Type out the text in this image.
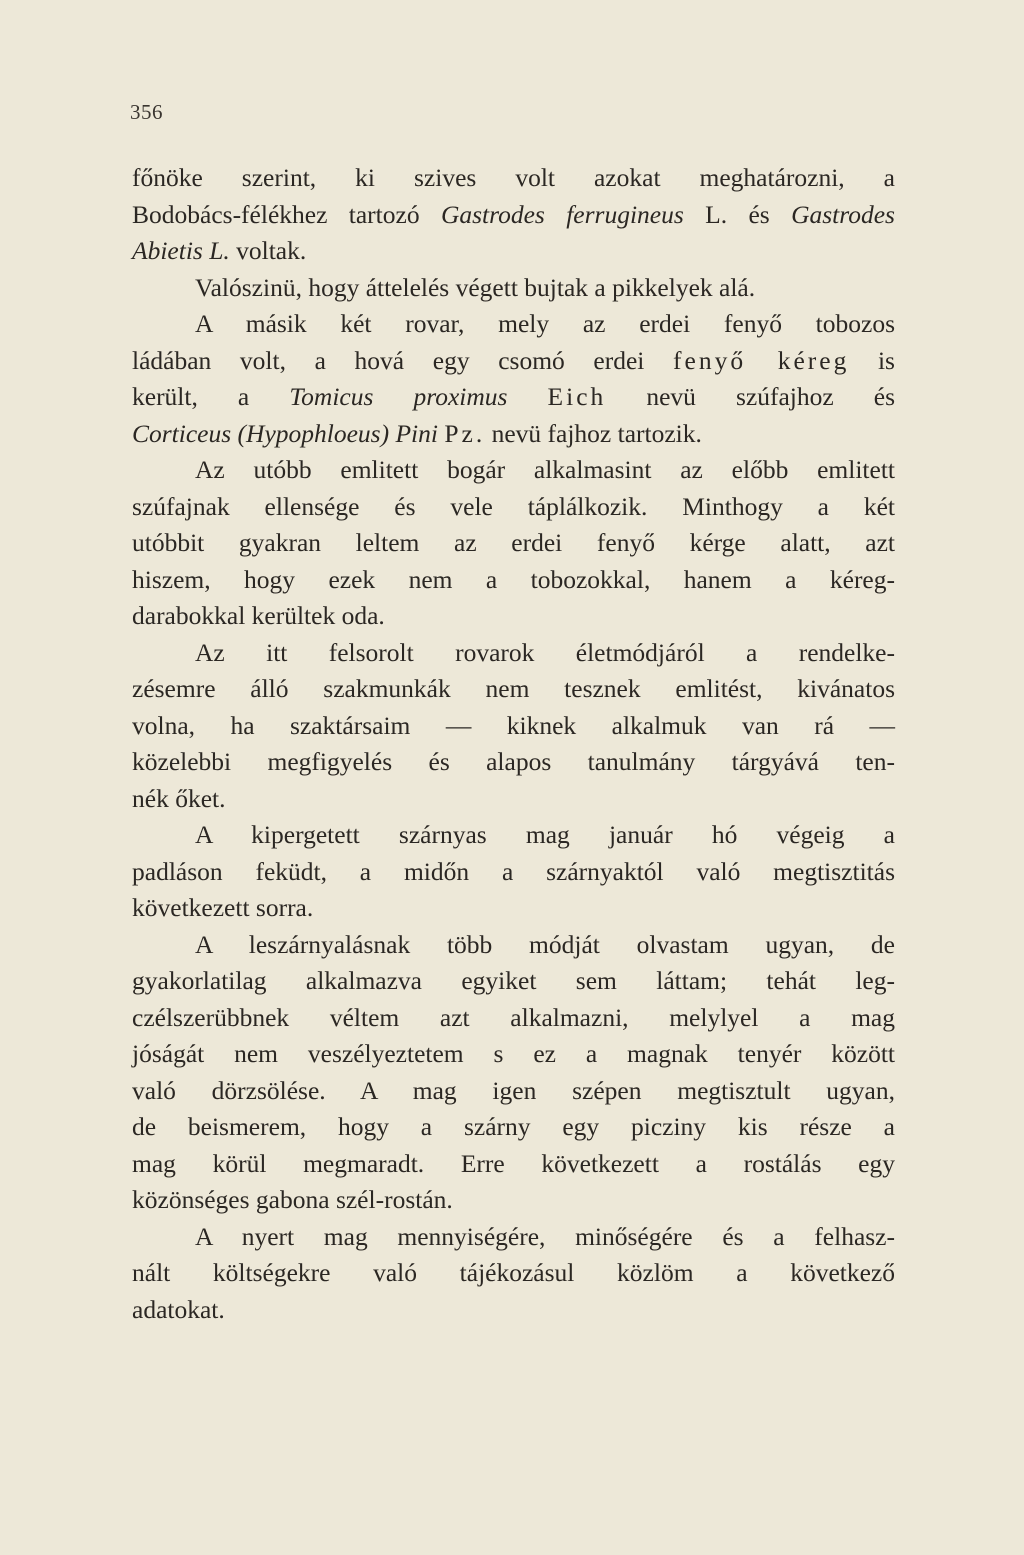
356
főnöke szerint, ki szives volt azokat meghatározni, a
Bodobács-félékhez tartozó Gastrodes ferrugineus L. és Gastrodes
Abietis L. voltak.
Valószinü, hogy áttelelés végett bujtak a pikkelyek alá.
A másik két rovar, mely az erdei fenyő tobozos
ládában volt, a hová egy csomó erdei fenyő kéreg is
került, a Tomicus proximus Eich nevü szúfajhoz és
Corticeus (Hypophloeus) Pini Pz. nevü fajhoz tartozik.
Az utóbb emlitett bogár alkalmasint az előbb emlitett
szúfajnak ellensége és vele táplálkozik. Minthogy a két
utóbbit gyakran leltem az erdei fenyő kérge alatt, azt
hiszem, hogy ezek nem a tobozokkal, hanem a kéreg-
darabokkal kerültek oda.
Az itt felsorolt rovarok életmódjáról a rendelke-
zésemre álló szakmunkák nem tesznek emlitést, kivánatos
volna, ha szaktársaim — kiknek alkalmuk van rá —
közelebbi megfigyelés és alapos tanulmány tárgyává ten-
nék őket.
A kipergetett szárnyas mag január hó végeig a
padláson feküdt, a midőn a szárnyaktól való megtisztitás
következett sorra.
A leszárnyalásnak több módját olvastam ugyan, de
gyakorlatilag alkalmazva egyiket sem láttam; tehát leg-
czélszerübbnek véltem azt alkalmazni, melylyel a mag
jóságát nem veszélyeztetem s ez a magnak tenyér között
való dörzsölése. A mag igen szépen megtisztult ugyan,
de beismerem, hogy a szárny egy picziny kis része a
mag körül megmaradt. Erre következett a rostálás egy
közönséges gabona szél-rostán.
A nyert mag mennyiségére, minőségére és a felhasz-
nált költségekre való tájékozásul közlöm a következő
adatokat.
